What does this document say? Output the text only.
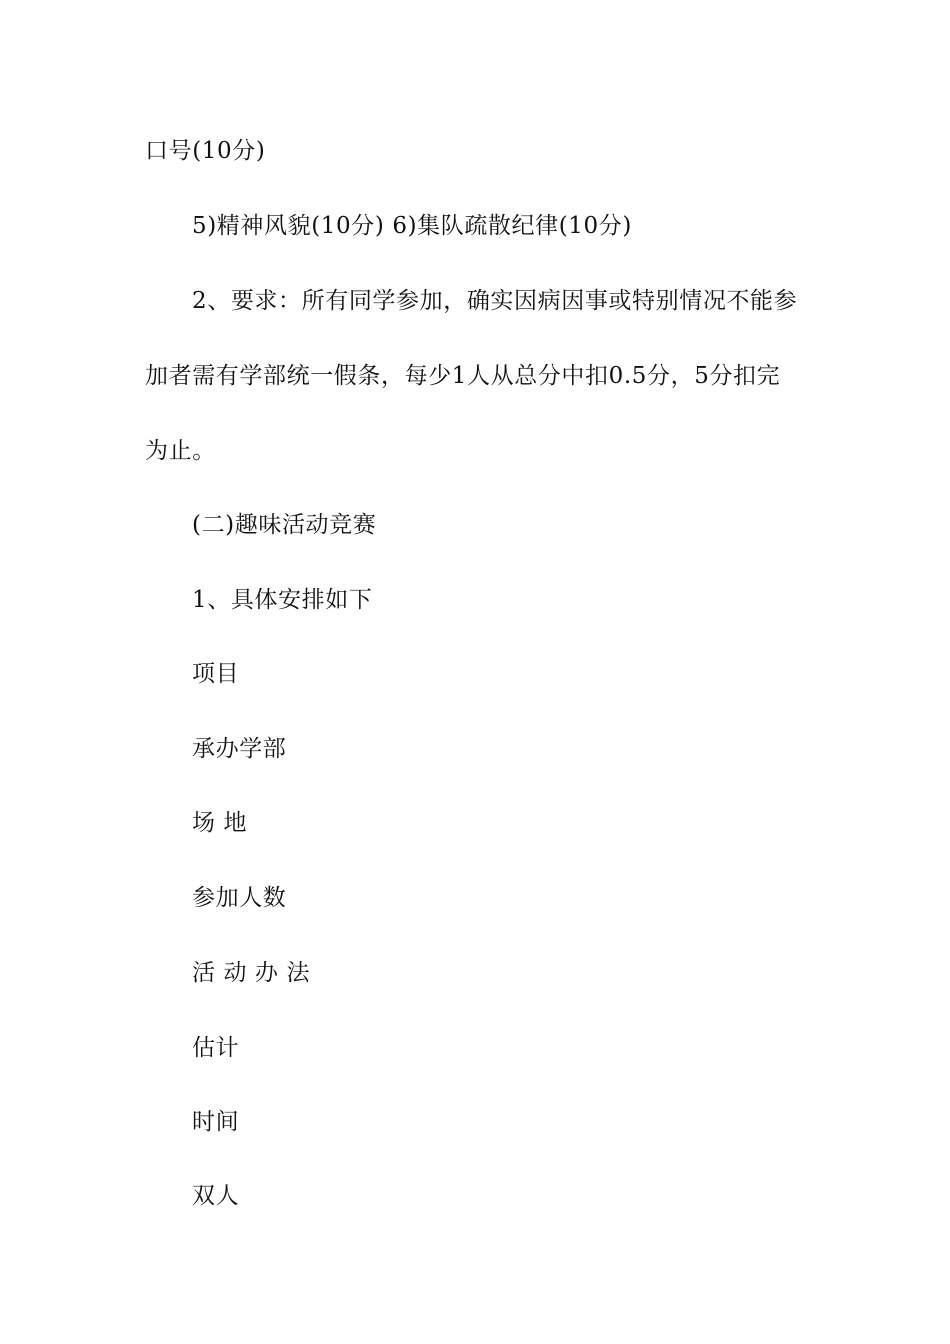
口号(10分)

5)精神风貌(10分) 6)集队疏散纪律(10分)

2、要求：所有同学参加，确实因病因事或特别情况不能参

加者需有学部统一假条，每少1人从总分中扣0.5分，5分扣完

为止。

(二)趣味活动竞赛

1、具体安排如下

项目

承办学部

场 地

参加人数

活 动 办 法

估计

时间

双人
